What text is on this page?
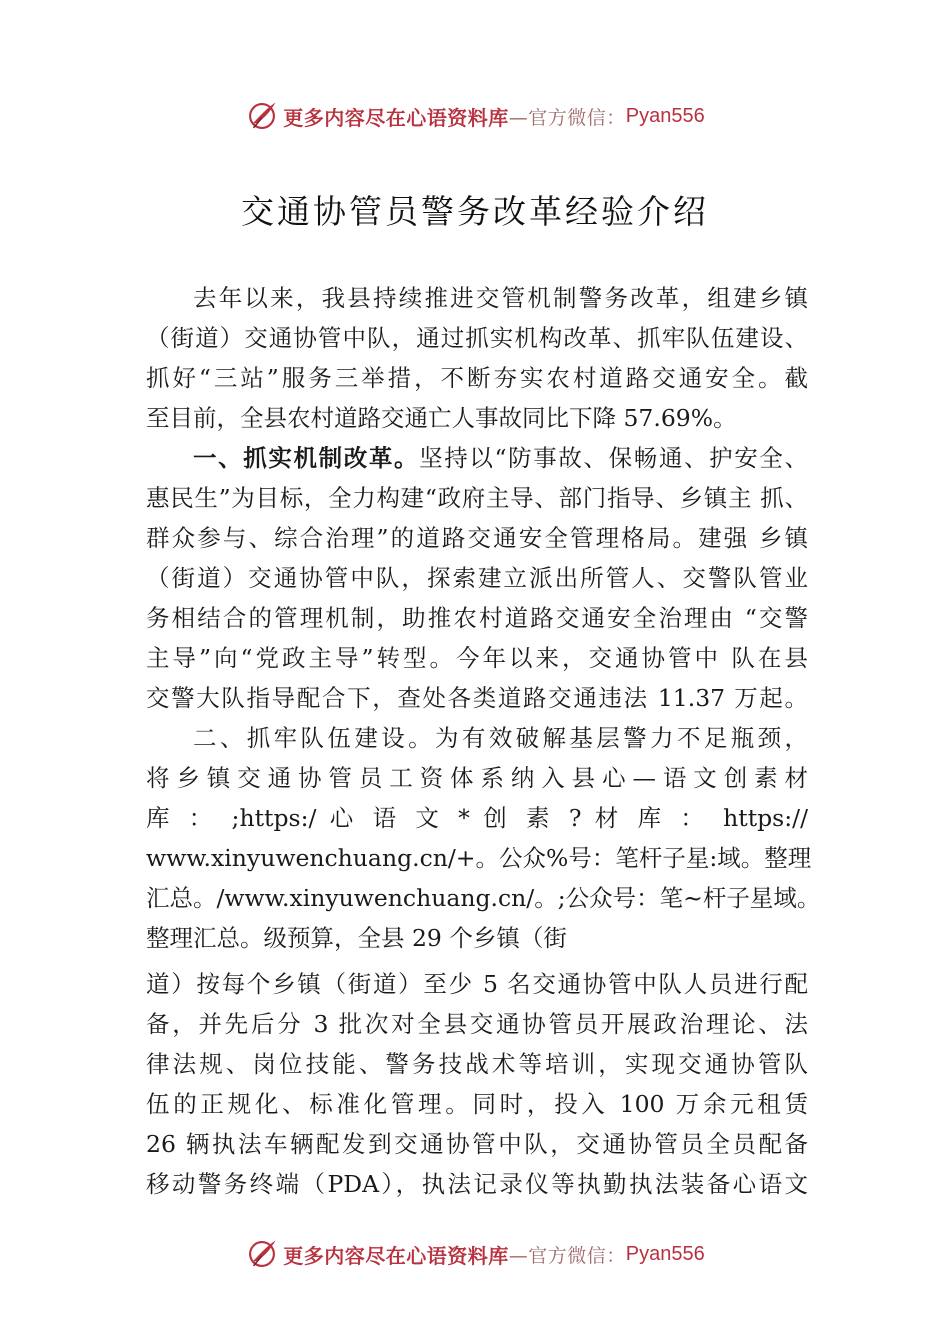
更多内容尽在心语资料库 —官方微信： Pyan556
交通协管员警务改革经验介绍

去年以来，我县持续推进交管机制警务改革，组建乡镇
（街道）交通协管中队，通过抓实机构改革、抓牢队伍建设、
抓好“三站”服务三举措，不断夯实农村道路交通安全。截
至目前，全县农村道路交通亡人事故同比下降 57.69%。

一、抓实机制改革。坚持以“防事故、保畅通、护安全、
惠民生”为目标，全力构建“政府主导、部门指导、乡镇主 抓、
群众参与、综合治理”的道路交通安全管理格局。建强 乡镇
（街道）交通协管中队，探索建立派出所管人、交警队管业
务相结合的管理机制，助推农村道路交通安全治理由 “交警
主导”向“党政主导”转型。今年以来，交通协管中 队在县
交警大队指导配合下，查处各类道路交通违法 11.37 万起。

二、抓牢队伍建设。为有效破解基层警力不足瓶颈，
将乡镇交通协管员工资体系纳入县心—语文创素材
库 ： ;https:/ 心 语 文 * 创 素 ? 材 库 ： https://
www.xinyuwenchuang.cn/+。公众%号：笔杆子星:域。整理
汇总。/www.xinyuwenchuang.cn/。;公众号：笔~杆子星域。
整理汇总。级预算，全县 29 个乡镇（街
道）按每个乡镇（街道）至少 5 名交通协管中队人员进行配
备，并先后分 3 批次对全县交通协管员开展政治理论、法
律法规、岗位技能、警务技战术等培训，实现交通协管队
伍的正规化、标准化管理。同时，投入 100 万余元租赁
26 辆执法车辆配发到交通协管中队，交通协管员全员配备
移动警务终端（PDA），执法记录仪等执勤执法装备心语文

更多内容尽在心语资料库 —官方微信： Pyan556
